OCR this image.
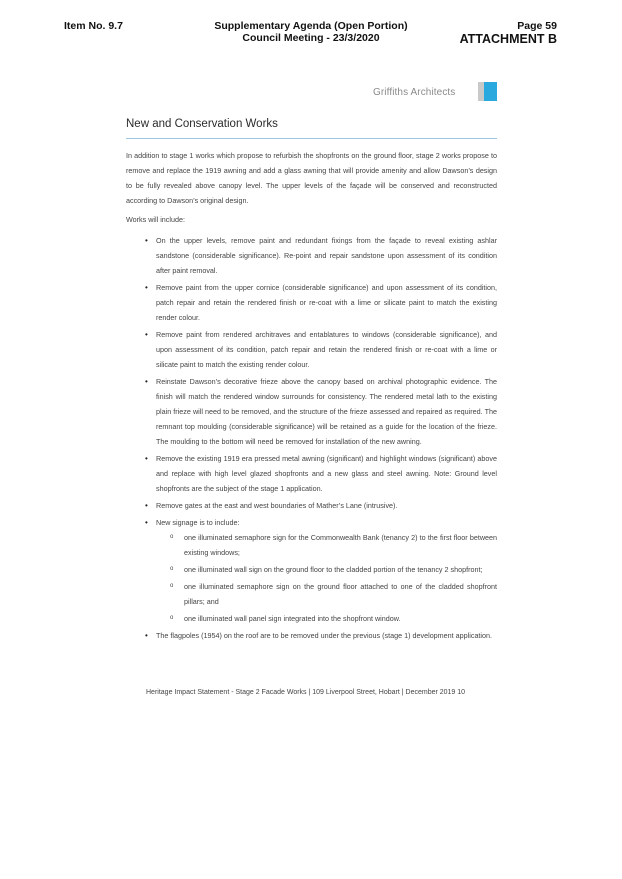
Item No. 9.7	Supplementary Agenda (Open Portion)
Council Meeting - 23/3/2020
Page 59
ATTACHMENT B
Griffiths Architects
New and Conservation Works

In addition to stage 1 works which propose to refurbish the shopfronts on the ground floor, stage 2 works propose to remove and replace the 1919 awning and add a glass awning that will provide amenity and allow Dawson’s design to be fully revealed above canopy level. The upper levels of the façade will be conserved and reconstructed according to Dawson’s original design.

Works will include:

• On the upper levels, remove paint and redundant fixings from the façade to reveal existing ashlar sandstone (considerable significance). Re-point and repair sandstone upon assessment of its condition after paint removal.
• Remove paint from the upper cornice (considerable significance) and upon assessment of its condition, patch repair and retain the rendered finish or re-coat with a lime or silicate paint to match the existing render colour.
• Remove paint from rendered architraves and entablatures to windows (considerable significance), and upon assessment of its condition, patch repair and retain the rendered finish or re-coat with a lime or silicate paint to match the existing render colour.
• Reinstate Dawson’s decorative frieze above the canopy based on archival photographic evidence. The finish will match the rendered window surrounds for consistency. The rendered metal lath to the existing plain frieze will need to be removed, and the structure of the frieze assessed and repaired as required. The remnant top moulding (considerable significance) will be retained as a guide for the location of the frieze. The moulding to the bottom will need be removed for installation of the new awning.
• Remove the existing 1919 era pressed metal awning (significant) and highlight windows (significant) above and replace with high level glazed shopfronts and a new glass and steel awning. Note: Ground level shopfronts are the subject of the stage 1 application.
• Remove gates at the east and west boundaries of Mather’s Lane (intrusive).
• New signage is to include:
o one illuminated semaphore sign for the Commonwealth Bank (tenancy 2) to the first floor between existing windows;
o one illuminated wall sign on the ground floor to the cladded portion of the tenancy 2 shopfront;
o one illuminated semaphore sign on the ground floor attached to one of the cladded shopfront pillars; and
o one illuminated wall panel sign integrated into the shopfront window.
• The flagpoles (1954) on the roof are to be removed under the previous (stage 1) development application.
Heritage Impact Statement - Stage 2 Facade Works | 109 Liverpool Street, Hobart | December 2019 10
